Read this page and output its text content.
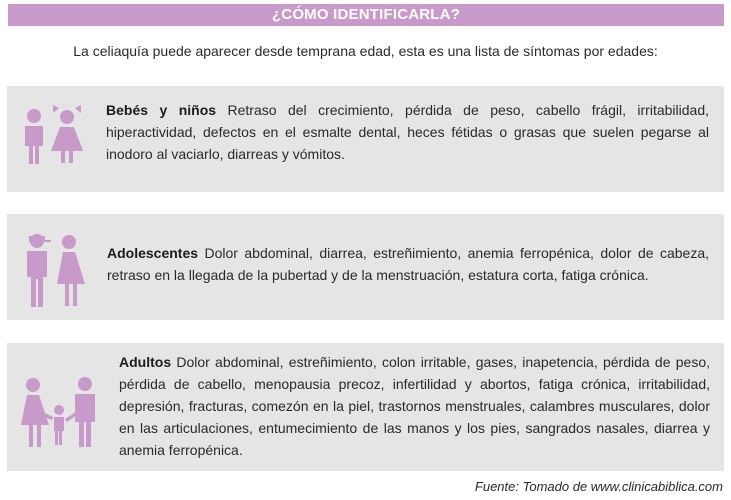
¿CÓMO IDENTIFICARLA?
La celiaquía puede aparecer desde temprana edad, esta es una lista de síntomas por edades:
Bebés y niños Retraso del crecimiento, pérdida de peso, cabello frágil, irritabilidad, hiperactividad, defectos en el esmalte dental, heces fétidas o grasas que suelen pegarse al inodoro al vaciarlo, diarreas y vómitos.
Adolescentes Dolor abdominal, diarrea, estreñimiento, anemia ferropénica, dolor de cabeza, retraso en la llegada de la pubertad y de la menstruación, estatura corta, fatiga crónica.
Adultos Dolor abdominal, estreñimiento, colon irritable, gases, inapetencia, pérdida de peso, pérdida de cabello, menopausia precoz, infertilidad y abortos, fatiga crónica, irritabilidad, depresión, fracturas, comezón en la piel, trastornos menstruales, calambres musculares, dolor en las articulaciones, entumecimiento de las manos y los pies, sangrados nasales, diarrea y anemia ferropénica.
Fuente: Tomado de www.clinicabiblica.com
